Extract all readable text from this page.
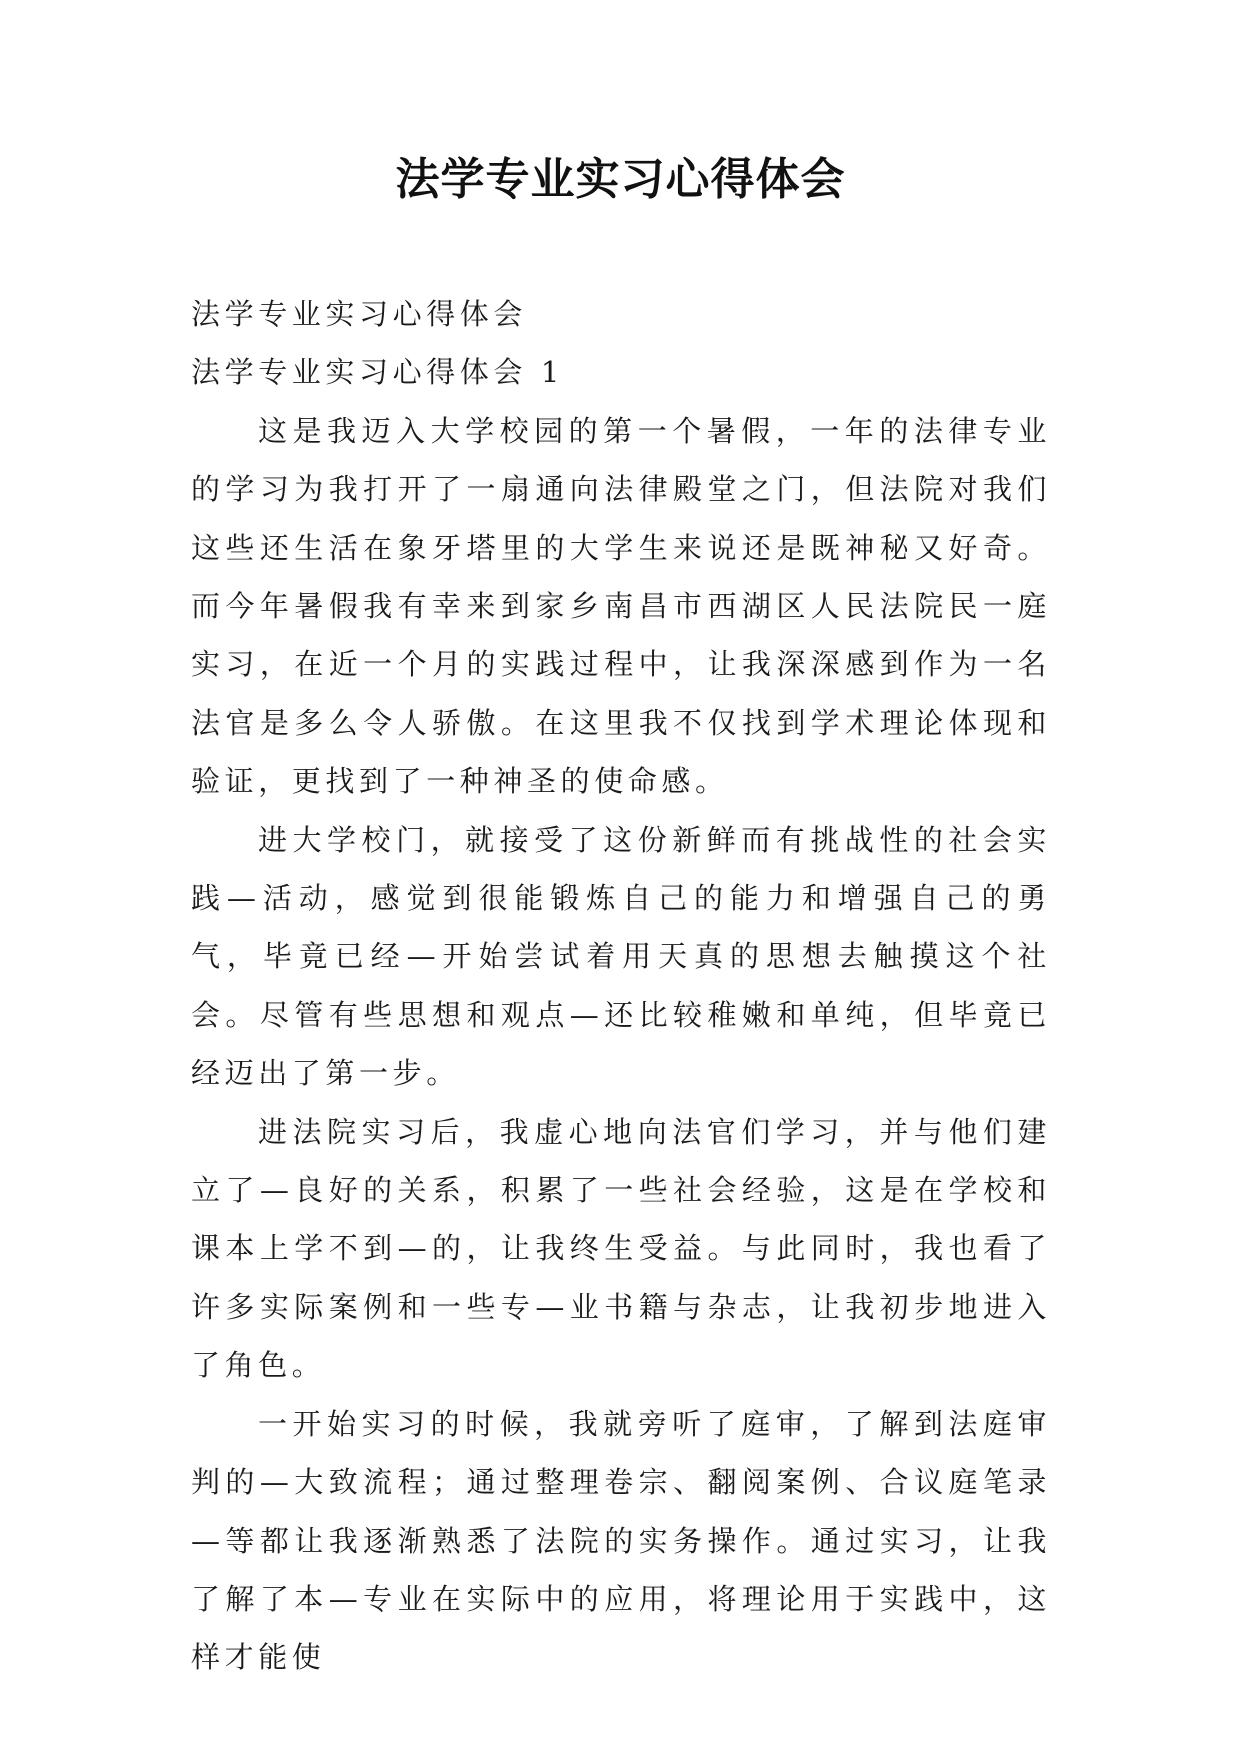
法学专业实习心得体会

法学专业实习心得体会

法学专业实习心得体会 1

这是我迈入大学校园的第一个暑假，一年的法律专业的学习为我打开了一扇通向法律殿堂之门，但法院对我们这些还生活在象牙塔里的大学生来说还是既神秘又好奇。而今年暑假我有幸来到家乡南昌市西湖区人民法院民一庭实习，在近一个月的实践过程中，让我深深感到作为一名法官是多么令人骄傲。在这里我不仅找到学术理论体现和验证，更找到了一种神圣的使命感。

进大学校门，就接受了这份新鲜而有挑战性的社会实践—活动，感觉到很能锻炼自己的能力和增强自己的勇气，毕竟已经—开始尝试着用天真的思想去触摸这个社会。尽管有些思想和观点—还比较稚嫩和单纯，但毕竟已经迈出了第一步。

进法院实习后，我虚心地向法官们学习，并与他们建立了—良好的关系，积累了一些社会经验，这是在学校和课本上学不到—的，让我终生受益。与此同时，我也看了许多实际案例和一些专—业书籍与杂志，让我初步地进入了角色。

一开始实习的时候，我就旁听了庭审，了解到法庭审判的—大致流程；通过整理卷宗、翻阅案例、合议庭笔录—等都让我逐渐熟悉了法院的实务操作。通过实习，让我了解了本—专业在实际中的应用，将理论用于实践中，这样才能使
